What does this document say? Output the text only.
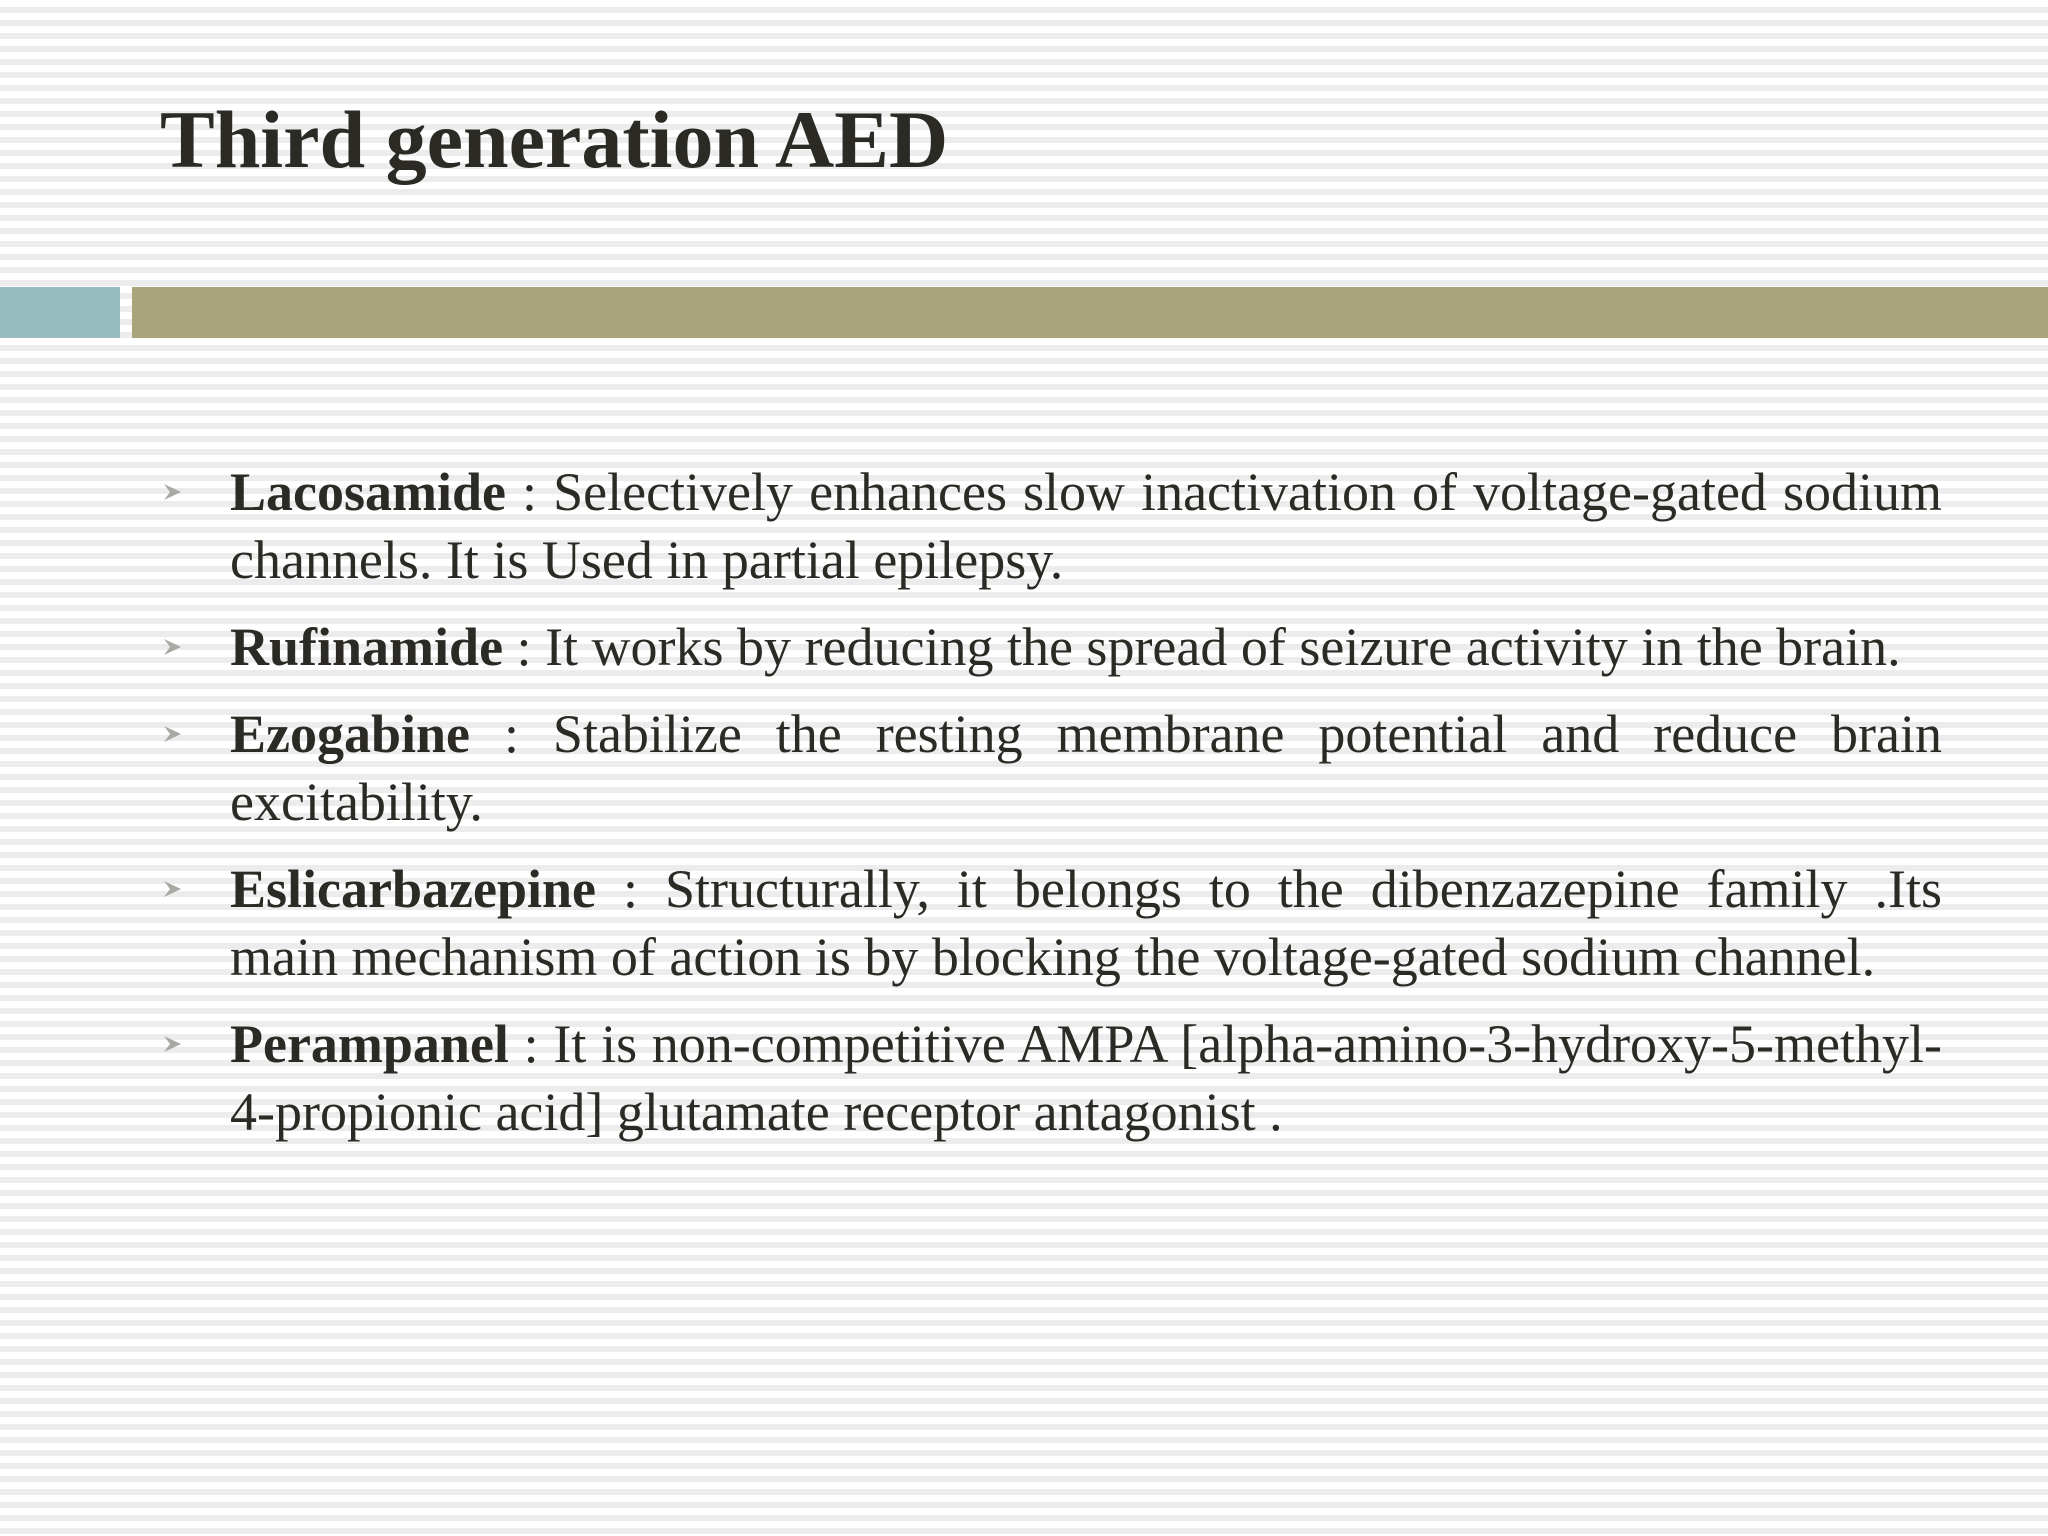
Third generation AED
Lacosamide : Selectively enhances slow inactivation of voltage-gated sodium channels. It is Used in partial epilepsy.
Rufinamide : It works by reducing the spread of seizure activity in the brain.
Ezogabine : Stabilize the resting membrane potential and reduce brain excitability.
Eslicarbazepine : Structurally, it belongs to the dibenzazepine family .Its main mechanism of action is by blocking the voltage-gated sodium channel.
Perampanel : It is non-competitive AMPA [alpha-amino-3-hydroxy-5-methyl-4-propionic acid] glutamate receptor antagonist .
